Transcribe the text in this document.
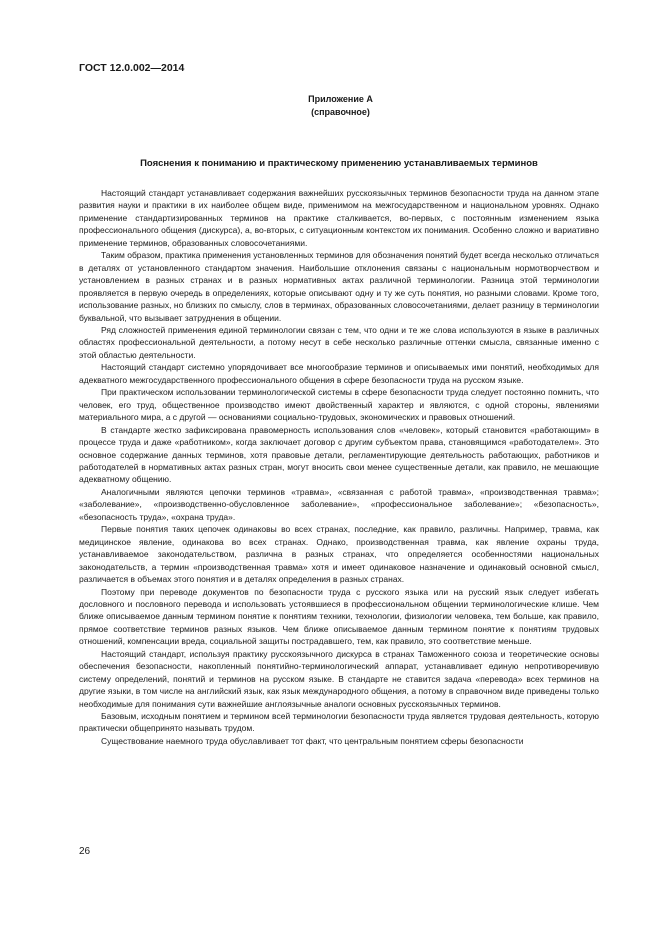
ГОСТ 12.0.002—2014
Приложение А
(справочное)
Пояснения к пониманию и практическому применению устанавливаемых терминов

Настоящий стандарт устанавливает содержания важнейших русскоязычных терминов безопасности труда на данном этапе развития науки и практики в их наиболее общем виде, применимом на межгосударственном и национальном уровнях. Однако применение стандартизированных терминов на практике сталкивается, во-первых, с постоянным изменением языка профессионального общения (дискурса), а, во-вторых, с ситуационным контекстом их понимания. Особенно сложно и вариативно применение терминов, образованных словосочетаниями.

Таким образом, практика применения установленных терминов для обозначения понятий будет всегда несколько отличаться в деталях от установленного стандартом значения. Наибольшие отклонения связаны с национальным нормотворчеством и установлением в разных странах и в разных нормативных актах различной терминологии. Разница этой терминологии проявляется в первую очередь в определениях, которые описывают одну и ту же суть понятия, но разными словами. Кроме того, использование разных, но близких по смыслу, слов в терминах, образованных словосочетаниями, делает разницу в терминологии буквальной, что вызывает затруднения в общении.

Ряд сложностей применения единой терминологии связан с тем, что одни и те же слова используются в языке в различных областях профессиональной деятельности, а потому несут в себе несколько различные оттенки смысла, связанные именно с этой областью деятельности.

Настоящий стандарт системно упорядочивает все многообразие терминов и описываемых ими понятий, необходимых для адекватного межгосударственного профессионального общения в сфере безопасности труда на русском языке.

При практическом использовании терминологической системы в сфере безопасности труда следует постоянно помнить, что человек, его труд, общественное производство имеют двойственный характер и являются, с одной стороны, явлениями материального мира, а с другой — основаниями социально-трудовых, экономических и правовых отношений.

В стандарте жестко зафиксирована правомерность использования слов «человек», который становится «работающим» в процессе труда и даже «работником», когда заключает договор с другим субъектом права, становящимся «работодателем». Это основное содержание данных терминов, хотя правовые детали, регламентирующие деятельность работающих, работников и работодателей в нормативных актах разных стран, могут вносить свои менее существенные детали, как правило, не мешающие адекватному общению.

Аналогичными являются цепочки терминов «травма», «связанная с работой травма», «производственная травма»; «заболевание», «производственно-обусловленное заболевание», «профессиональное заболевание»; «безопасность», «безопасность труда», «охрана труда».

Первые понятия таких цепочек одинаковы во всех странах, последние, как правило, различны. Например, травма, как медицинское явление, одинакова во всех странах. Однако, производственная травма, как явление охраны труда, устанавливаемое законодательством, различна в разных странах, что определяется особенностями национальных законодательств, а термин «производственная травма» хотя и имеет одинаковое назначение и одинаковый основной смысл, различается в объемах этого понятия и в деталях определения в разных странах.

Поэтому при переводе документов по безопасности труда с русского языка или на русский язык следует избегать дословного и пословного перевода и использовать устоявшиеся в профессиональном общении терминологические клише. Чем ближе описываемое данным термином понятие к понятиям техники, технологии, физиологии человека, тем больше, как правило, прямое соответствие терминов разных языков. Чем ближе описываемое данным термином понятие к понятиям трудовых отношений, компенсации вреда, социальной защиты пострадавшего, тем, как правило, это соответствие меньше.

Настоящий стандарт, используя практику русскоязычного дискурса в странах Таможенного союза и теоретические основы обеспечения безопасности, накопленный понятийно-терминологический аппарат, устанавливает единую непротиворечивую систему определений, понятий и терминов на русском языке. В стандарте не ставится задача «перевода» всех терминов на другие языки, в том числе на английский язык, как язык международного общения, а потому в справочном виде приведены только необходимые для понимания сути важнейшие англоязычные аналоги основных русскоязычных терминов.

Базовым, исходным понятием и термином всей терминологии безопасности труда является трудовая деятельность, которую практически общепринято называть трудом.

Существование наемного труда обуславливает тот факт, что центральным понятием сферы безопасности

26
